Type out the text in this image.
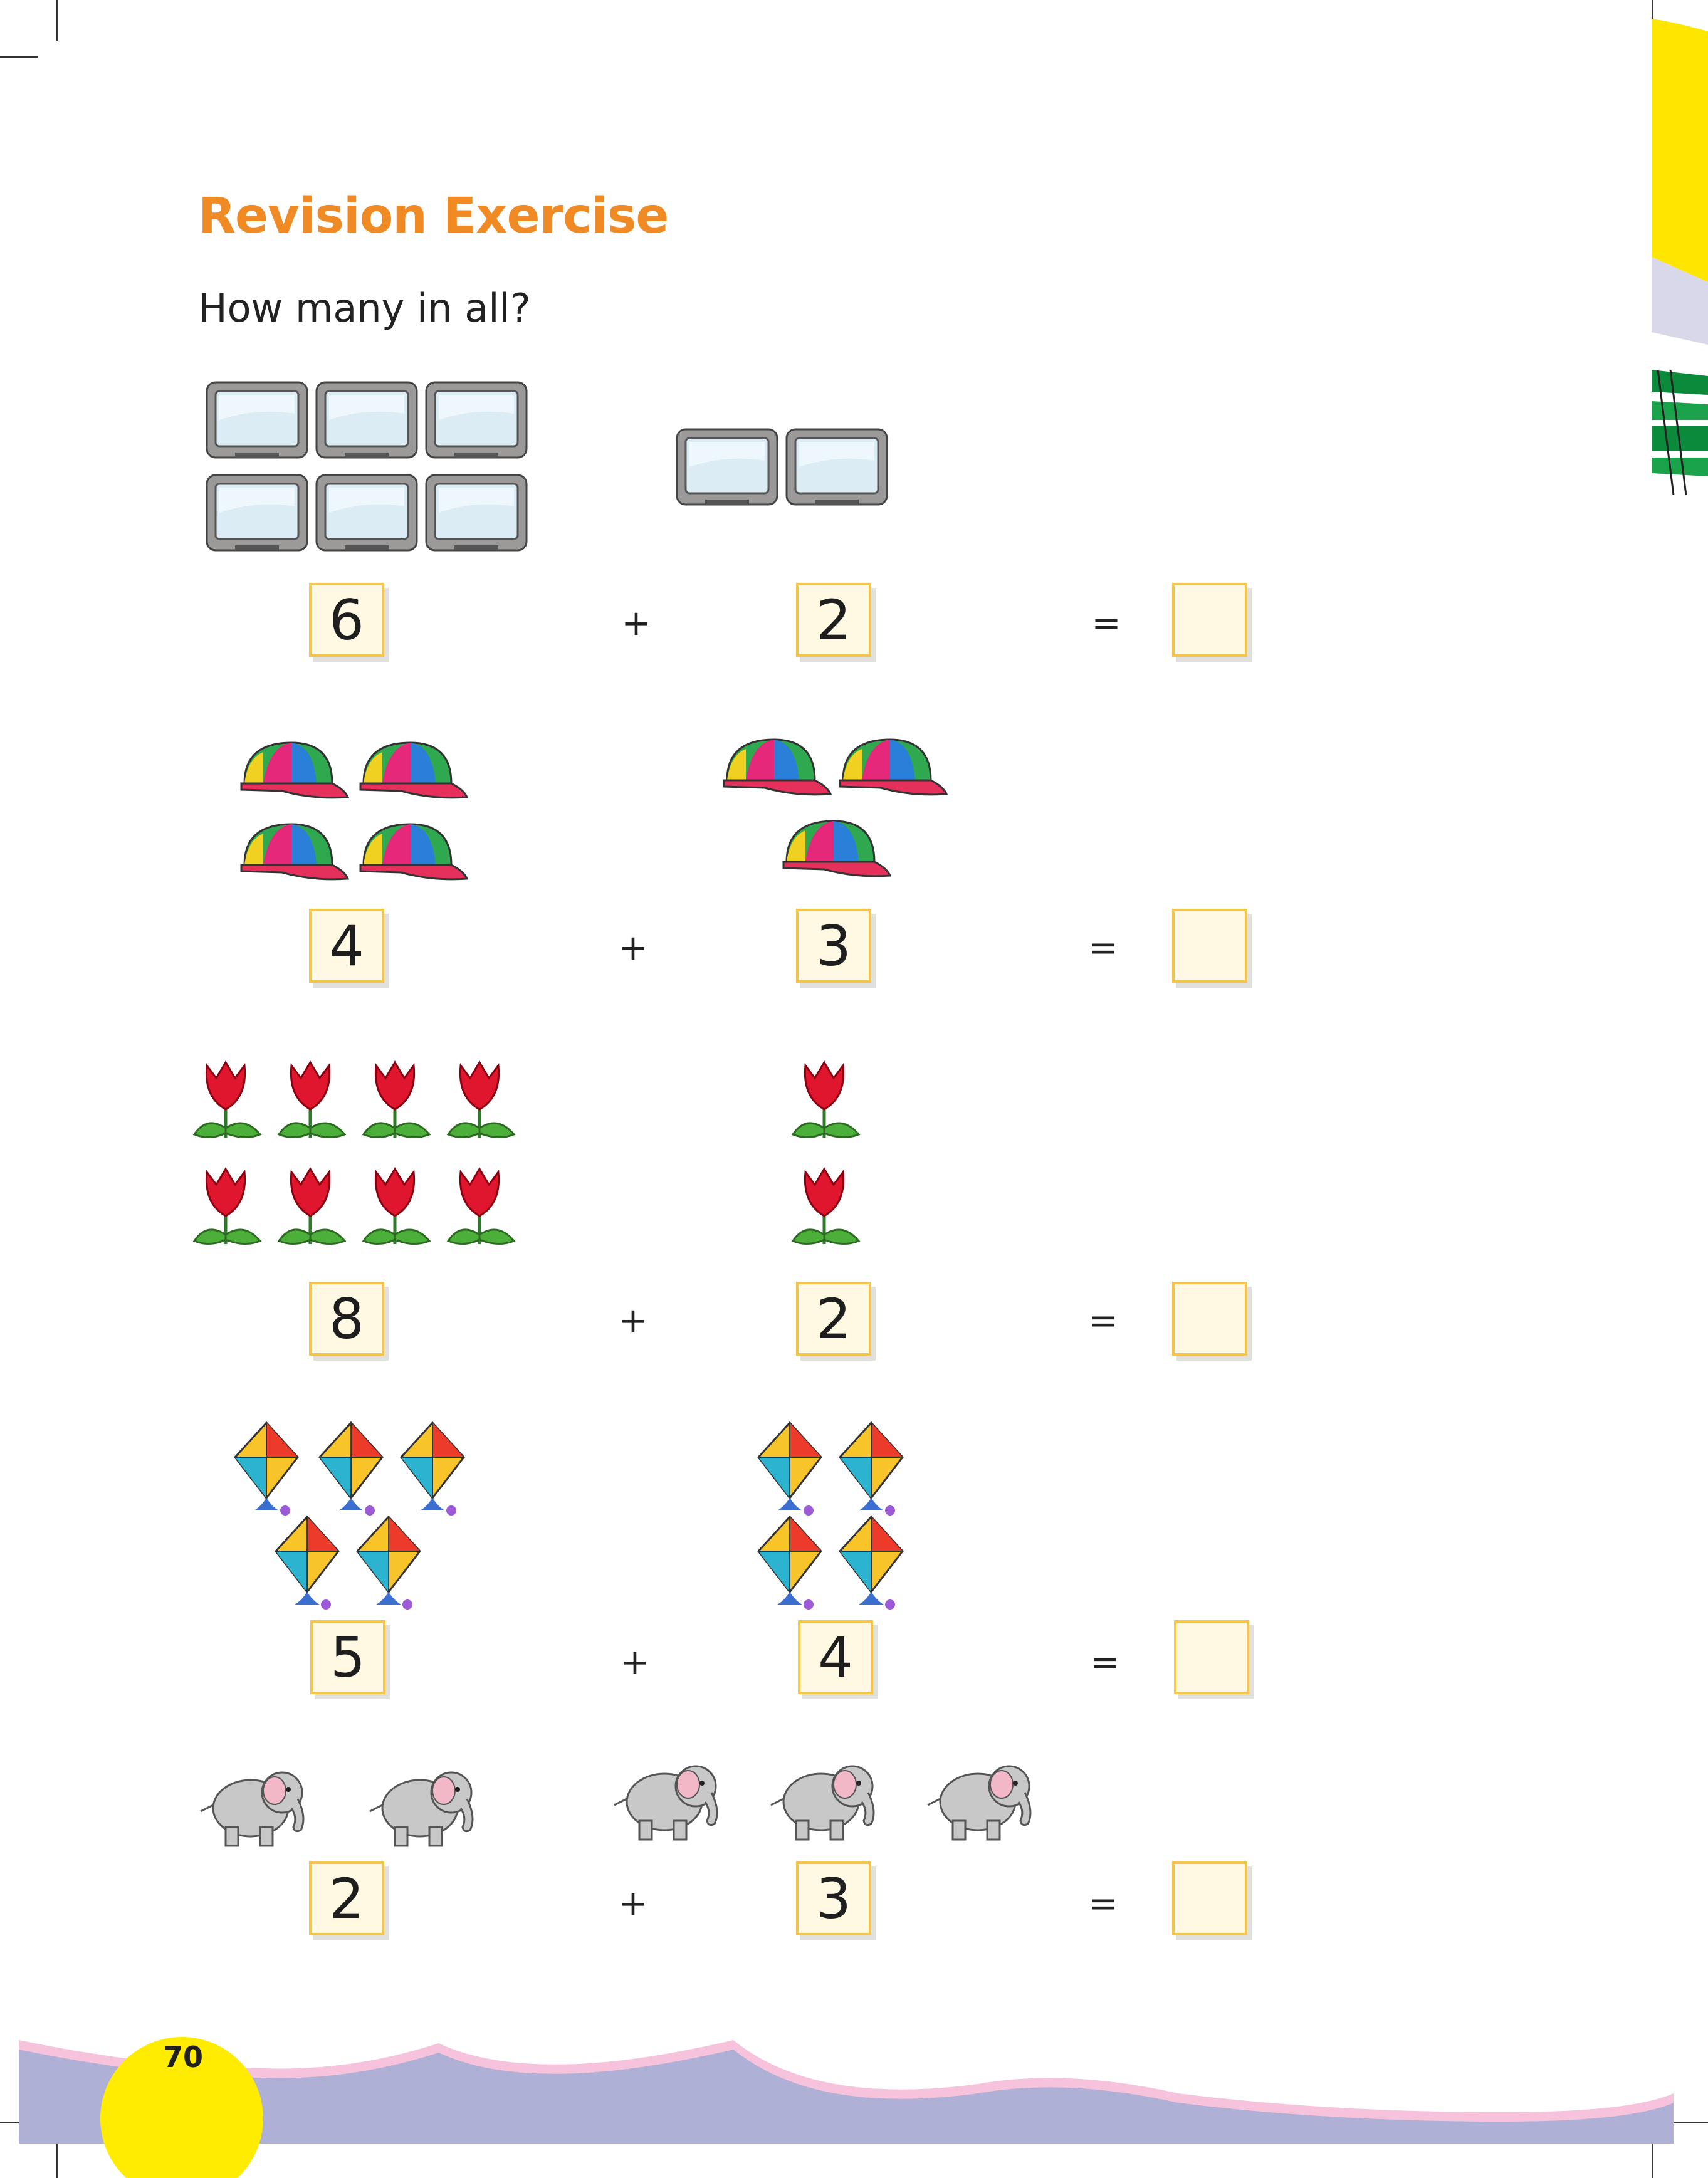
Revision Exercise
How many in all?
6	+	2	=
4	+	3	=
8	+	2	=
5	+	4	=
2	+	3	=
70
